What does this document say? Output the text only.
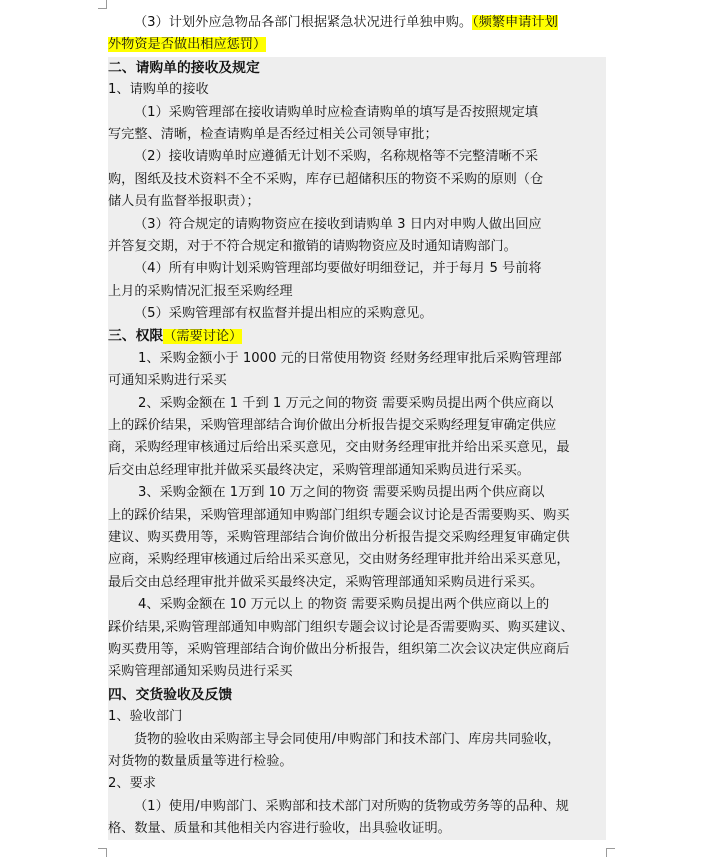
（3）计划外应急物品各部门根据紧急状况进行单独申购。（频繁申请计划
外物资是否做出相应惩罚）
二、请购单的接收及规定
1、请购单的接收
（1）采购管理部在接收请购单时应检查请购单的填写是否按照规定填
写完整、清晰，检查请购单是否经过相关公司领导审批；
（2）接收请购单时应遵循无计划不采购，名称规格等不完整清晰不采
购，图纸及技术资料不全不采购，库存已超储积压的物资不采购的原则（仓
储人员有监督举报职责）；
（3）符合规定的请购物资应在接收到请购单 3 日内对申购人做出回应
并答复交期，对于不符合规定和撤销的请购物资应及时通知请购部门。
（4）所有申购计划采购管理部均要做好明细登记，并于每月 5 号前将
上月的采购情况汇报至采购经理
（5）采购管理部有权监督并提出相应的采购意见。
三、权限（需要讨论）
1、采购金额小于 1000 元的日常使用物资 经财务经理审批后采购管理部
可通知采购进行采买
2、采购金额在 1 千到 1 万元之间的物资 需要采购员提出两个供应商以
上的踩价结果，采购管理部结合询价做出分析报告提交采购经理复审确定供应
商，采购经理审核通过后给出采买意见，交由财务经理审批并给出采买意见，最
后交由总经理审批并做采买最终决定，采购管理部通知采购员进行采买。
3、采购金额在 1万到 10 万之间的物资 需要采购员提出两个供应商以
上的踩价结果，采购管理部通知申购部门组织专题会议讨论是否需要购买、购买
建议、购买费用等，采购管理部结合询价做出分析报告提交采购经理复审确定供
应商，采购经理审核通过后给出采买意见，交由财务经理审批并给出采买意见，
最后交由总经理审批并做采买最终决定，采购管理部通知采购员进行采买。
4、采购金额在 10 万元以上 的物资 需要采购员提出两个供应商以上的
踩价结果,采购管理部通知申购部门组织专题会议讨论是否需要购买、购买建议、
购买费用等，采购管理部结合询价做出分析报告，组织第二次会议决定供应商后
采购管理部通知采购员进行采买
四、交货验收及反馈
1、验收部门
货物的验收由采购部主导会同使用/申购部门和技术部门、库房共同验收，
对货物的数量质量等进行检验。
2、要求
（1）使用/申购部门、采购部和技术部门对所购的货物或劳务等的品种、规
格、数量、质量和其他相关内容进行验收，出具验收证明。
